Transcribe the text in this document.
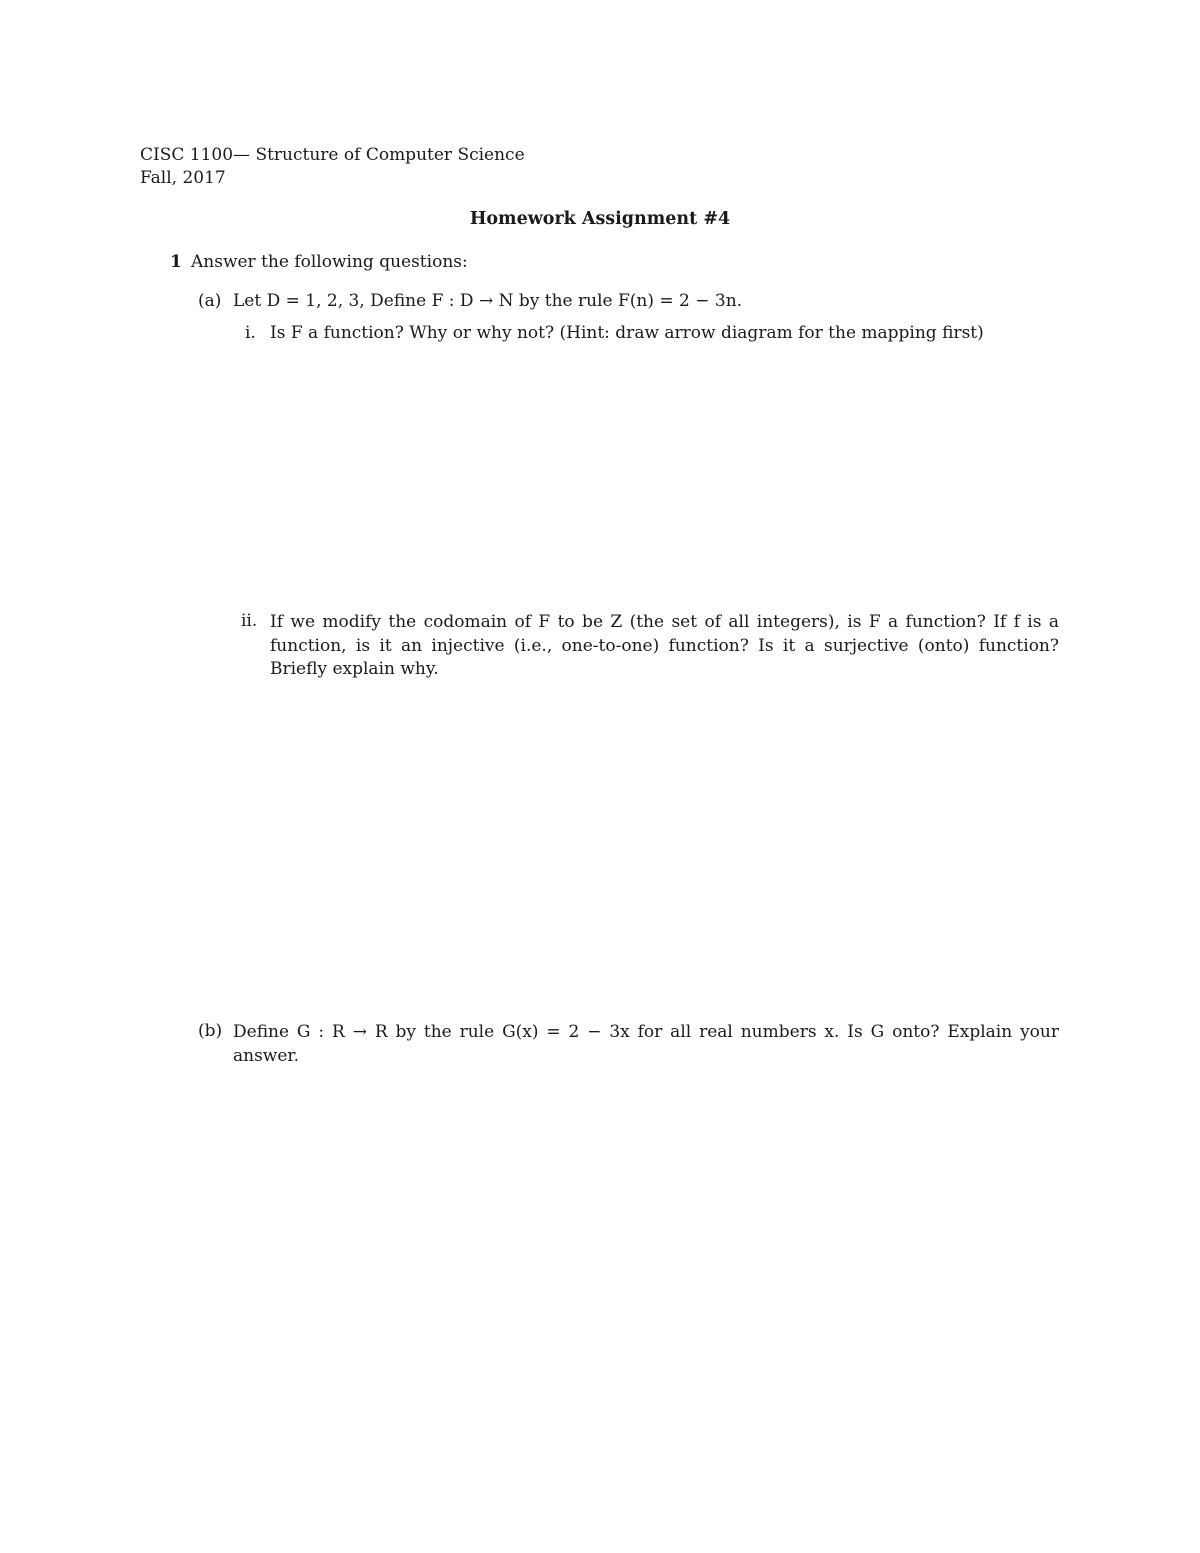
CISC 1100— Structure of Computer Science
Fall, 2017
Homework Assignment #4
1 Answer the following questions:
(a) Let D = 1, 2, 3, Define F : D → N by the rule F(n) = 2 − 3n.
i. Is F a function? Why or why not? (Hint: draw arrow diagram for the mapping first)
ii. If we modify the codomain of F to be Z (the set of all integers), is F a function? If f is a function, is it an injective (i.e., one-to-one) function? Is it a surjective (onto) function? Briefly explain why.
(b) Define G : R → R by the rule G(x) = 2 − 3x for all real numbers x. Is G onto? Explain your answer.
